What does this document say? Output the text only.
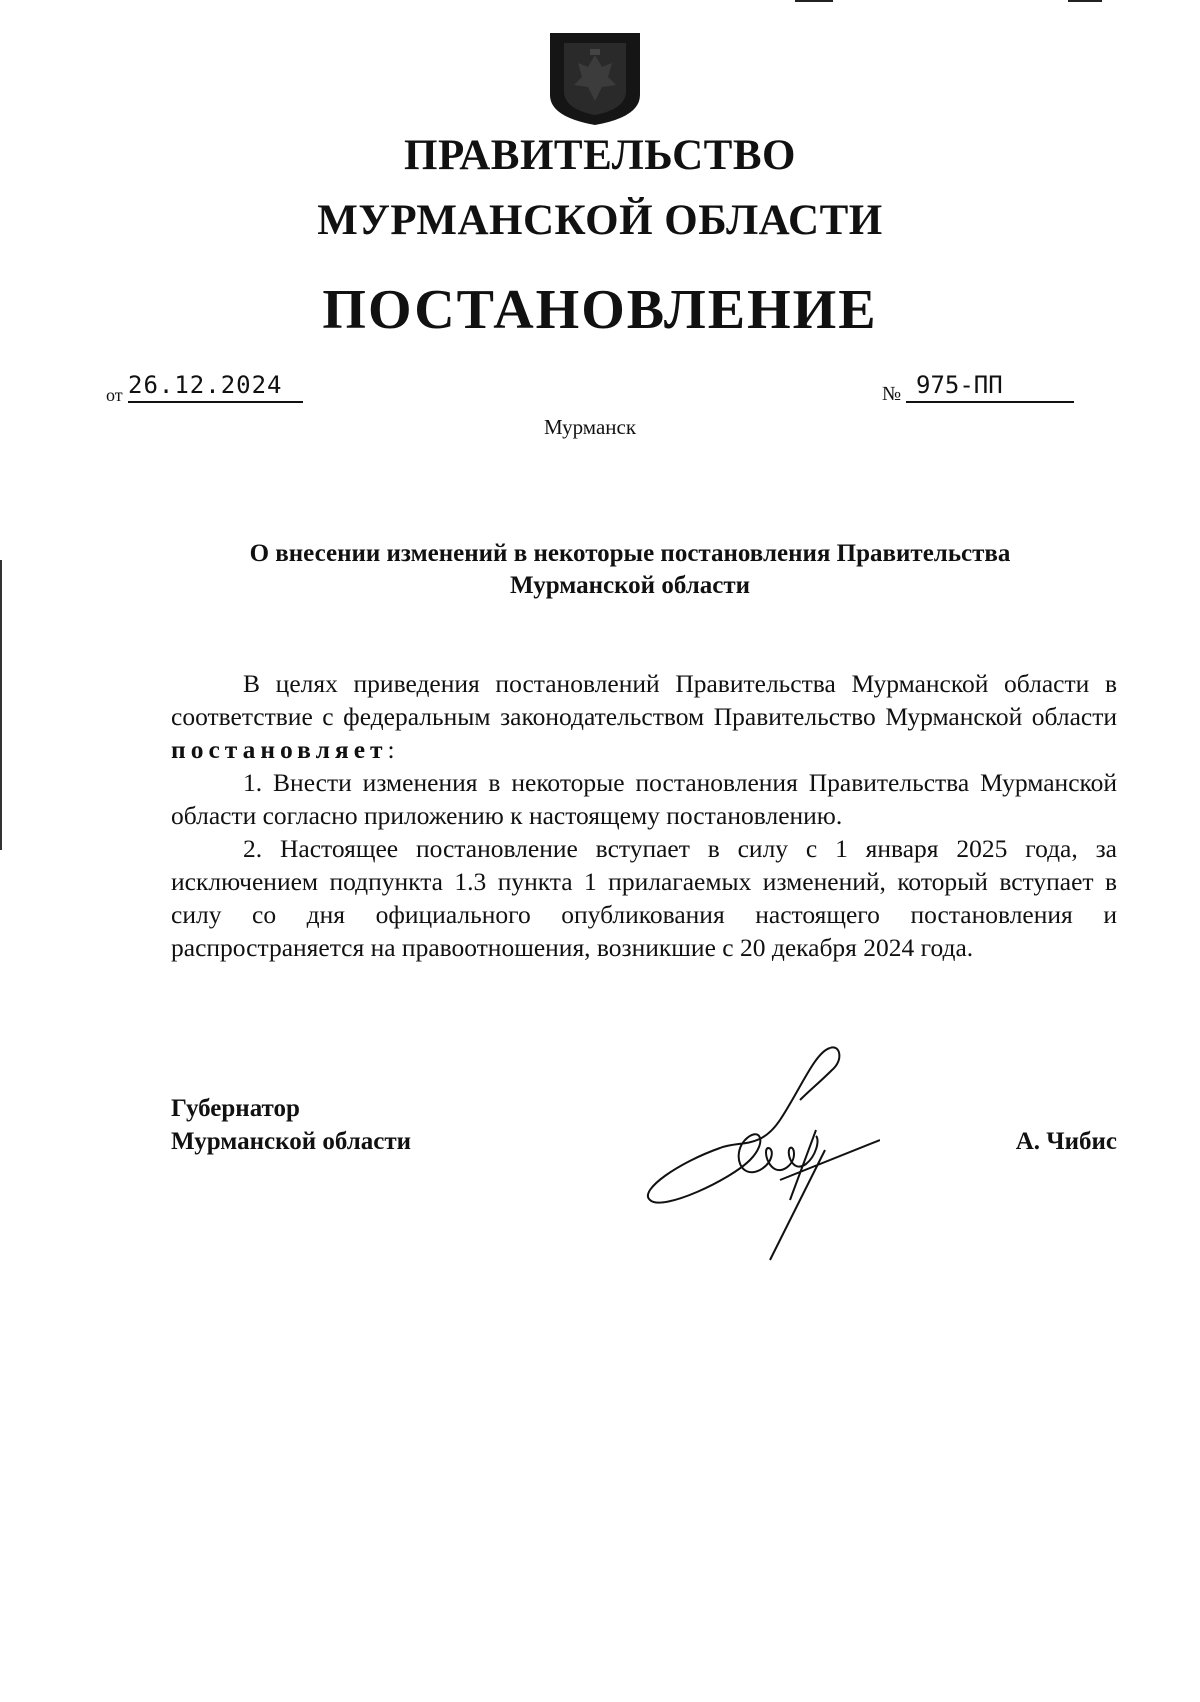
ПРАВИТЕЛЬСТВО
МУРМАНСКОЙ ОБЛАСТИ
ПОСТАНОВЛЕНИЕ
от 26.12.2024	№ 975-ПП
Мурманск
О внесении изменений в некоторые постановления Правительства
Мурманской области

В целях приведения постановлений Правительства Мурманской области в соответствие с федеральным законодательством Правительство Мурманской области постановляет:

1. Внести изменения в некоторые постановления Правительства Мурманской области согласно приложению к настоящему постановлению.

2. Настоящее постановление вступает в силу с 1 января 2025 года, за исключением подпункта 1.3 пункта 1 прилагаемых изменений, который вступает в силу со дня официального опубликования настоящего постановления и распространяется на правоотношения, возникшие с 20 декабря 2024 года.

Губернатор
Мурманской области	А. Чибис
